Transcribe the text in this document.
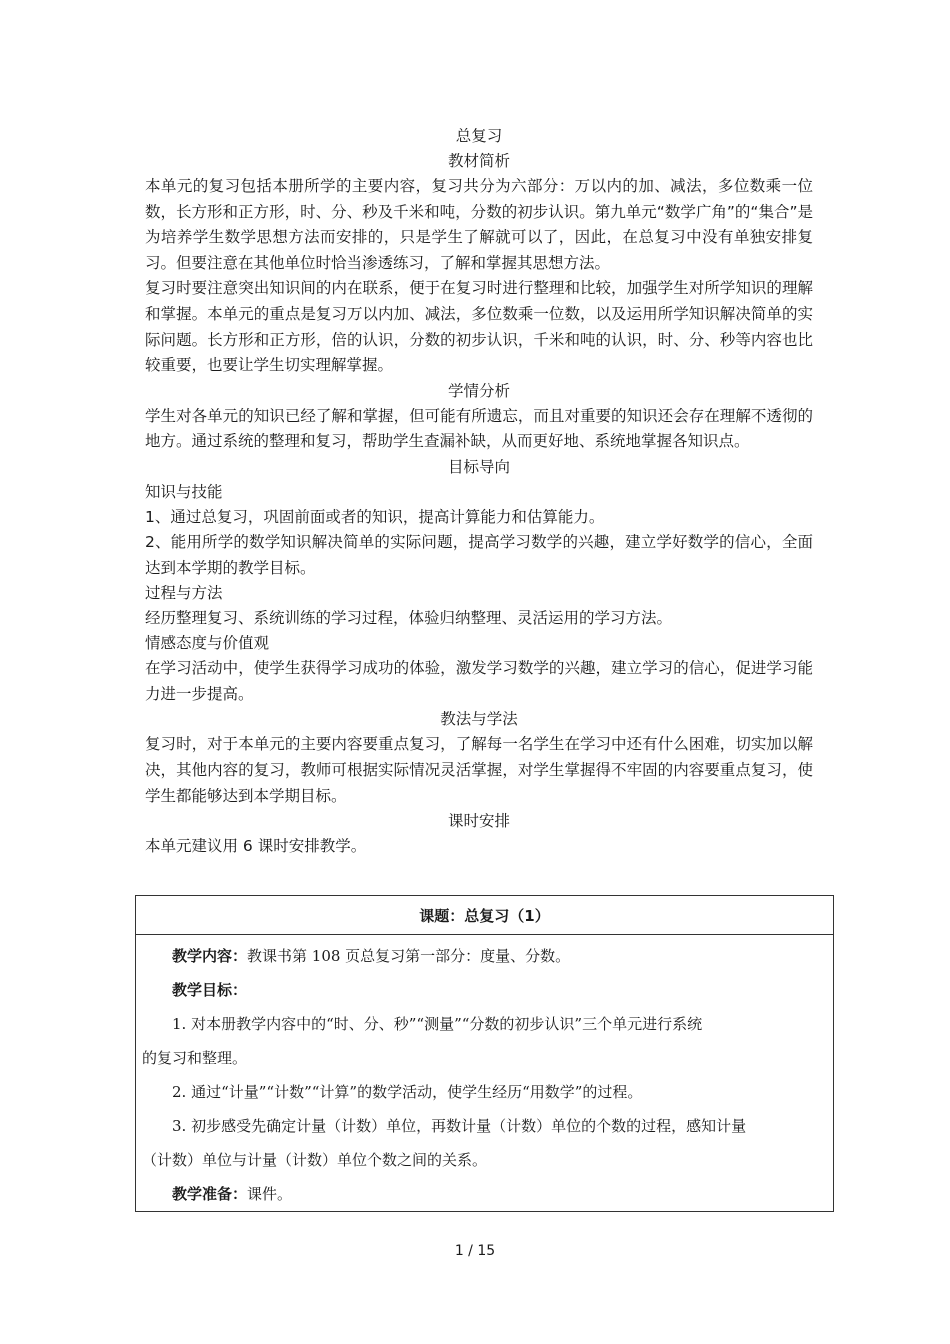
总复习
教材简析
本单元的复习包括本册所学的主要内容，复习共分为六部分：万以内的加、减法，多位数乘一位数，长方形和正方形，时、分、秒及千米和吨，分数的初步认识。第九单元“数学广角”的“集合”是为培养学生数学思想方法而安排的，只是学生了解就可以了，因此，在总复习中没有单独安排复习。但要注意在其他单位时恰当渗透练习，了解和掌握其思想方法。
复习时要注意突出知识间的内在联系，便于在复习时进行整理和比较，加强学生对所学知识的理解和掌握。本单元的重点是复习万以内加、减法，多位数乘一位数，以及运用所学知识解决简单的实际问题。长方形和正方形，倍的认识，分数的初步认识，千米和吨的认识，时、分、秒等内容也比较重要，也要让学生切实理解掌握。
学情分析
学生对各单元的知识已经了解和掌握，但可能有所遗忘，而且对重要的知识还会存在理解不透彻的地方。通过系统的整理和复习，帮助学生查漏补缺，从而更好地、系统地掌握各知识点。
目标导向
知识与技能
1、通过总复习，巩固前面或者的知识，提高计算能力和估算能力。
2、能用所学的数学知识解决简单的实际问题，提高学习数学的兴趣，建立学好数学的信心，全面达到本学期的教学目标。
过程与方法
经历整理复习、系统训练的学习过程，体验归纳整理、灵活运用的学习方法。
情感态度与价值观
在学习活动中，使学生获得学习成功的体验，激发学习数学的兴趣，建立学习的信心，促进学习能力进一步提高。
教法与学法
复习时，对于本单元的主要内容要重点复习，了解每一名学生在学习中还有什么困难，切实加以解决，其他内容的复习，教师可根据实际情况灵活掌握，对学生掌握得不牢固的内容要重点复习，使学生都能够达到本学期目标。
课时安排
本单元建议用 6 课时安排教学。
课题：总复习（1）

教学内容：教课书第 108 页总复习第一部分：度量、分数。
教学目标：
1. 对本册教学内容中的“时、分、秒”“测量”“分数的初步认识”三个单元进行系统
的复习和整理。
2. 通过“计量”“计数”“计算”的数学活动，使学生经历“用数学”的过程。
3. 初步感受先确定计量（计数）单位，再数计量（计数）单位的个数的过程，感知计量
（计数）单位与计量（计数）单位个数之间的关系。
教学准备：课件。
1 / 15
